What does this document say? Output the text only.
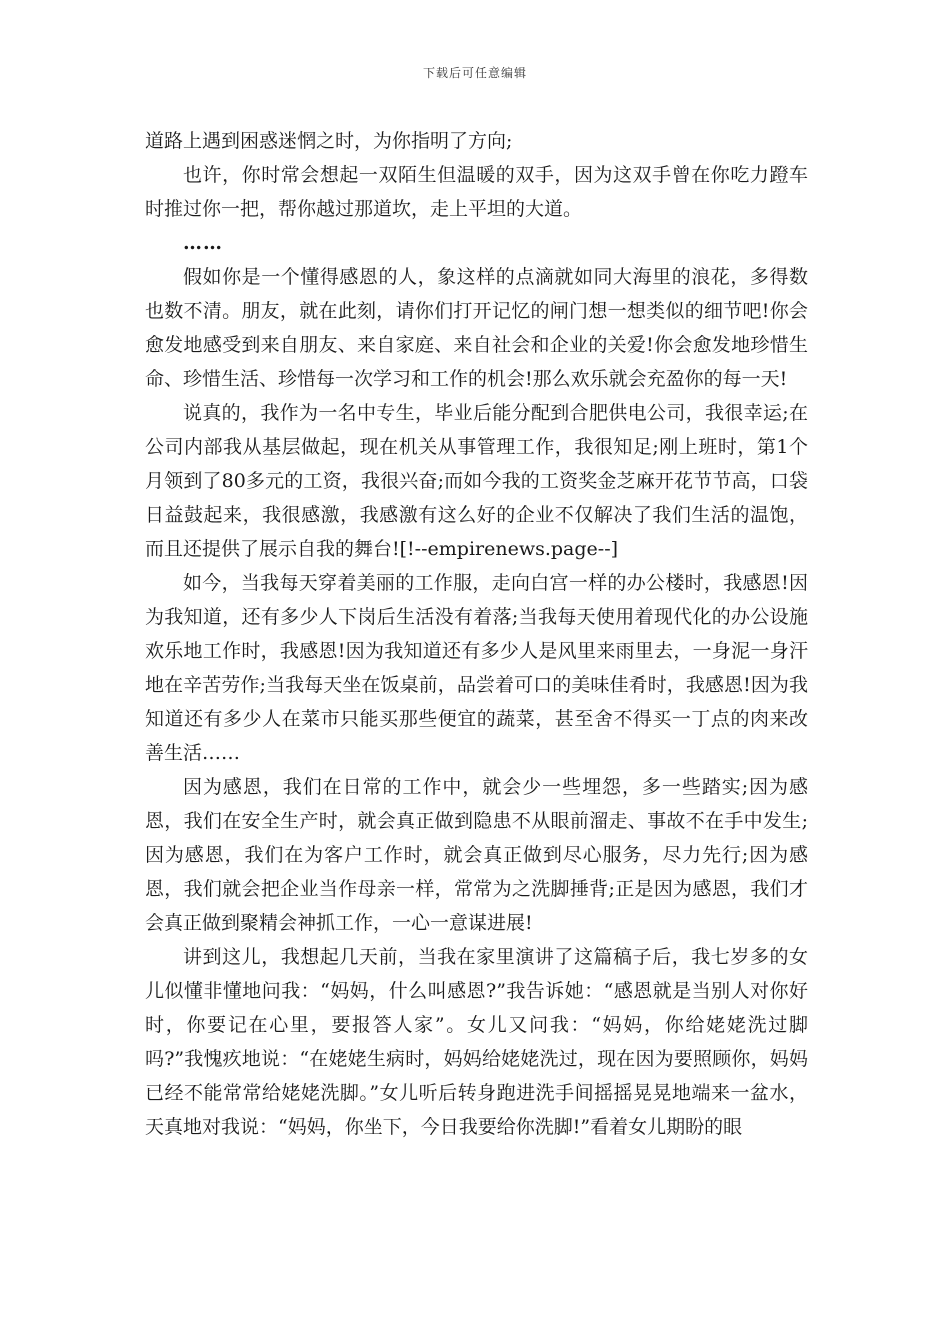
下载后可任意编辑

道路上遇到困惑迷惘之时，为你指明了方向;

也许，你时常会想起一双陌生但温暖的双手，因为这双手曾在你吃力蹬车时推过你一把，帮你越过那道坎，走上平坦的大道。

……

假如你是一个懂得感恩的人，象这样的点滴就如同大海里的浪花，多得数也数不清。朋友，就在此刻，请你们打开记忆的闸门想一想类似的细节吧!你会愈发地感受到来自朋友、来自家庭、来自社会和企业的关爱!你会愈发地珍惜生命、珍惜生活、珍惜每一次学习和工作的机会!那么欢乐就会充盈你的每一天!

说真的，我作为一名中专生，毕业后能分配到合肥供电公司，我很幸运;在公司内部我从基层做起，现在机关从事管理工作，我很知足;刚上班时，第1个月领到了80多元的工资，我很兴奋;而如今我的工资奖金芝麻开花节节高，口袋日益鼓起来，我很感激，我感激有这么好的企业不仅解决了我们生活的温饱，而且还提供了展示自我的舞台![!--empirenews.page--]

如今，当我每天穿着美丽的工作服，走向白宫一样的办公楼时，我感恩!因为我知道，还有多少人下岗后生活没有着落;当我每天使用着现代化的办公设施欢乐地工作时，我感恩!因为我知道还有多少人是风里来雨里去，一身泥一身汗地在辛苦劳作;当我每天坐在饭桌前，品尝着可口的美味佳肴时，我感恩!因为我知道还有多少人在菜市只能买那些便宜的蔬菜，甚至舍不得买一丁点的肉来改善生活……

因为感恩，我们在日常的工作中，就会少一些埋怨，多一些踏实;因为感恩，我们在安全生产时，就会真正做到隐患不从眼前溜走、事故不在手中发生;因为感恩，我们在为客户工作时，就会真正做到尽心服务，尽力先行;因为感恩，我们就会把企业当作母亲一样，常常为之洗脚捶背;正是因为感恩，我们才会真正做到聚精会神抓工作，一心一意谋进展!

讲到这儿，我想起几天前，当我在家里演讲了这篇稿子后，我七岁多的女儿似懂非懂地问我：“妈妈，什么叫感恩?”我告诉她：“感恩就是当别人对你好时，你要记在心里，要报答人家”。女儿又问我：“妈妈，你给姥姥洗过脚吗?”我愧疚地说：“在姥姥生病时，妈妈给姥姥洗过，现在因为要照顾你，妈妈已经不能常常给姥姥洗脚。”女儿听后转身跑进洗手间摇摇晃晃地端来一盆水，天真地对我说：“妈妈，你坐下，今日我要给你洗脚!”看着女儿期盼的眼
